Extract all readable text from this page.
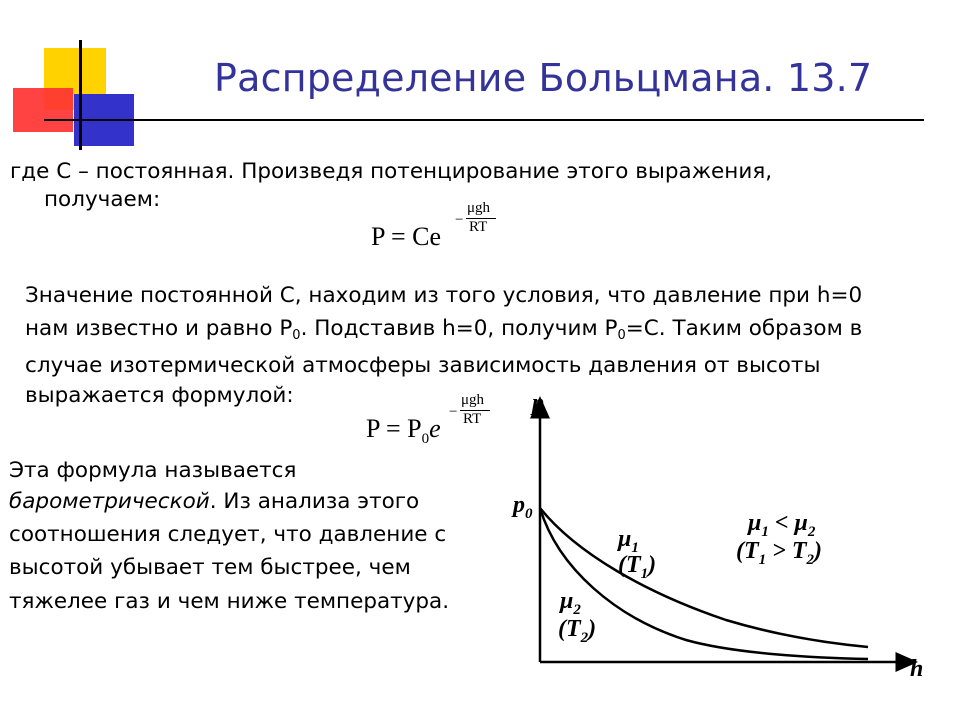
Распределение Больцмана. 13.7
где С – постоянная. Произведя потенцирование этого выражения,
получаем:
P = Ce
−
μgh
RT
Значение постоянной С, находим из того условия, что давление при h=0
нам известно и равно $P_0$. Подставив h=0, получим $P_0=C$. Таким образом в
случае изотермической атмосферы зависимость давления от высоты
выражается формулой:
$P = P_0e$
−
μgh
RT
Эта формула называется
барометрической. Из анализа этого
соотношения следует, что давление с
высотой убывает тем быстрее, чем
тяжелее газ и чем ниже температура.
p
h
$p_0$
$\mu_1$
$(T_1)$
$\mu_2$
$(T_2)$
$\mu_1 < \mu_2$
$(T_1 > T_2)$
